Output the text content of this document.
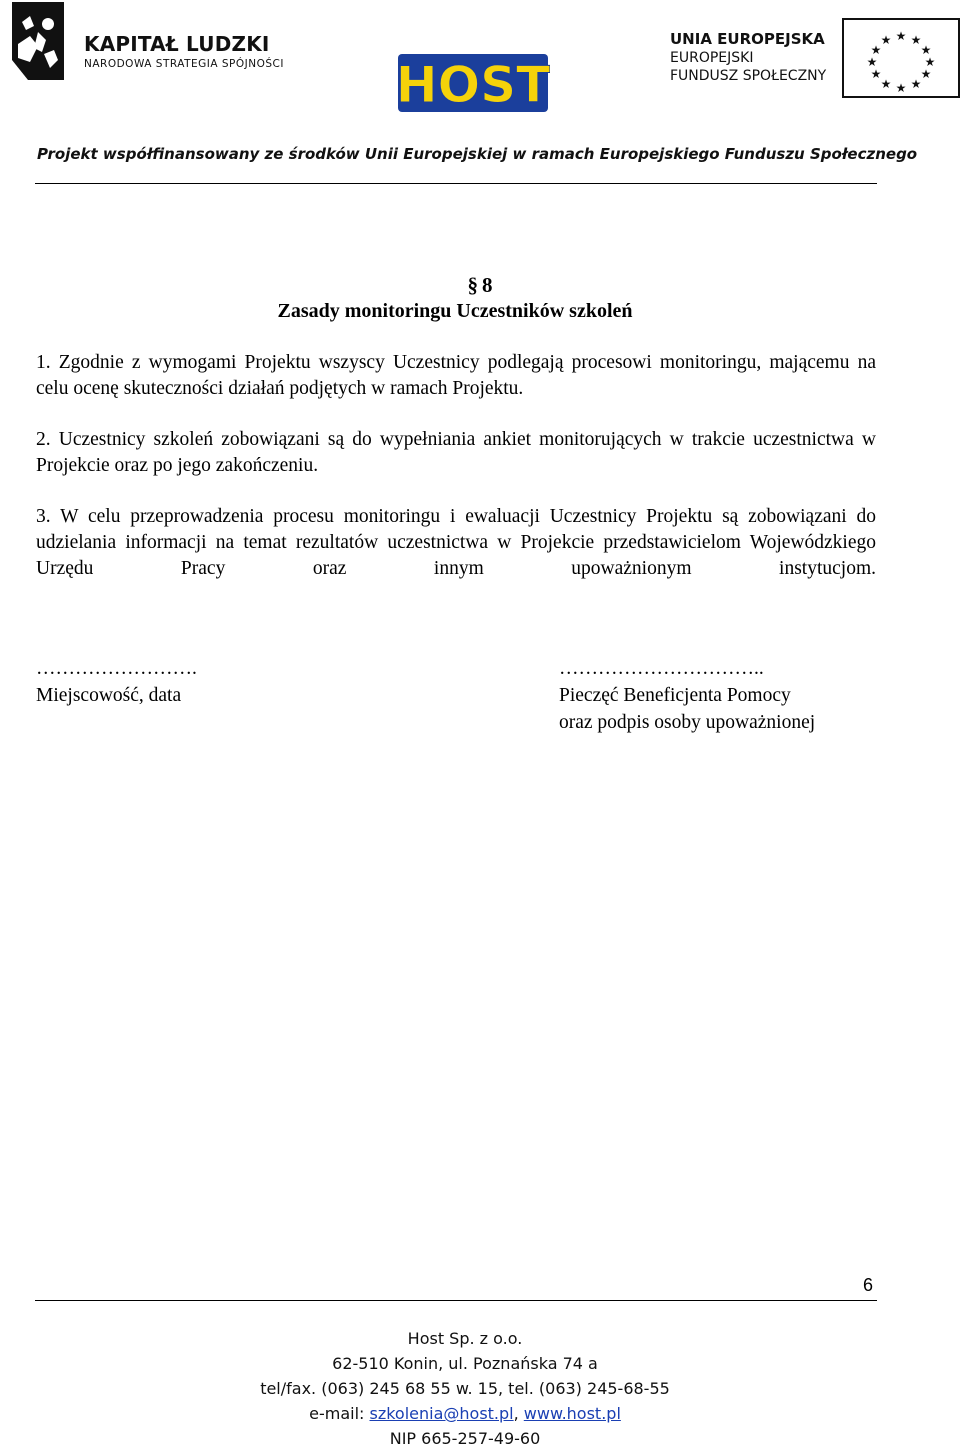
KAPITAŁ LUDZKI
NARODOWA STRATEGIA SPÓJNOŚCI HOST
UNIA EUROPEJSKA
EUROPEJSKI
FUNDUSZ SPOŁECZNY
★ ★
★
★
★
★
★
★
★
★
★
★
Projekt współfinansowany ze środków Unii Europejskiej w ramach Europejskiego Funduszu Społecznego
§ 8
Zasady monitoringu Uczestników szkoleń
1. Zgodnie z wymogami Projektu wszyscy Uczestnicy podlegają procesowi monitoringu, mającemu na celu ocenę skuteczności działań podjętych w ramach Projektu.
2. Uczestnicy szkoleń zobowiązani są do wypełniania ankiet monitorujących w trakcie uczestnictwa w Projekcie oraz po jego zakończeniu.
3. W celu przeprowadzenia procesu monitoringu i ewaluacji Uczestnicy Projektu są zobowiązani do udzielania informacji na temat rezultatów uczestnictwa w Projekcie przedstawicielom Wojewódzkiego Urzędu Pracy oraz innym upoważnionym instytucjom.
…………………….
Miejscowość, data
…………………………..
Pieczęć Beneficjenta Pomocy
oraz podpis osoby upoważnionej
6
Host Sp. z o.o.
62-510 Konin, ul. Poznańska 74 a
tel/fax. (063) 245 68 55 w. 15, tel. (063) 245-68-55
e-mail: szkolenia@host.pl, www.host.pl
NIP 665-257-49-60
